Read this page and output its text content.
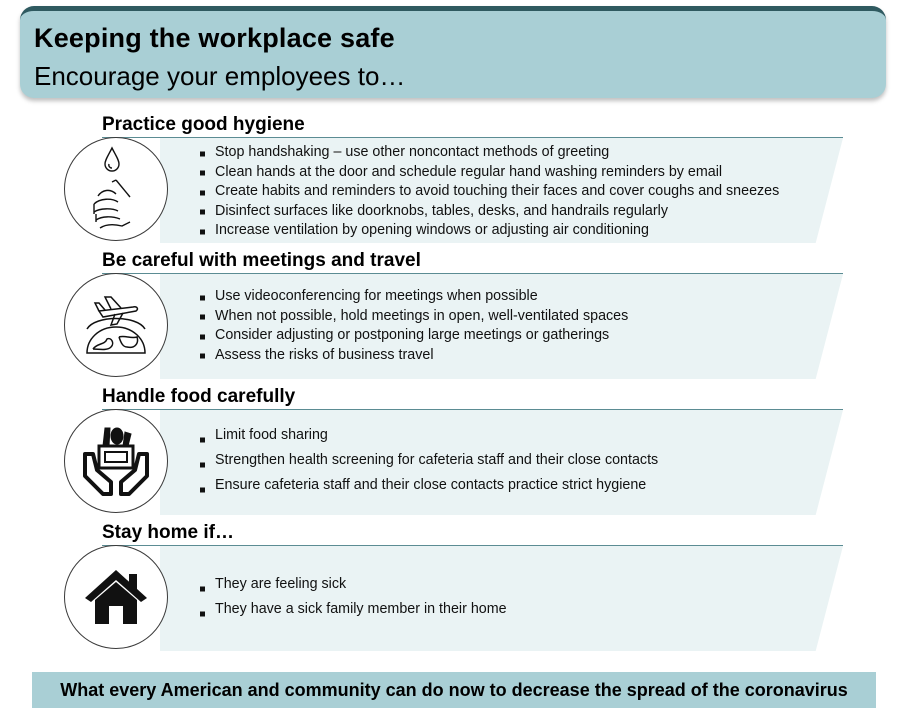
Keeping the workplace safe
Encourage your employees to…
Practice good hygiene
Stop handshaking – use other noncontact methods of greeting
Clean hands at the door and schedule regular hand washing reminders by email
Create habits and reminders to avoid touching their faces and cover coughs and sneezes
Disinfect surfaces like doorknobs, tables, desks, and handrails regularly
Increase ventilation by opening windows or adjusting air conditioning
Be careful with meetings and travel
Use videoconferencing for meetings when possible
When not possible, hold meetings in open, well-ventilated spaces
Consider adjusting or postponing large meetings or gatherings
Assess the risks of business travel
Handle food carefully
Limit food sharing
Strengthen health screening for cafeteria staff and their close contacts
Ensure cafeteria staff and their close contacts practice strict hygiene
Stay home if…
They are feeling sick
They have a sick family member in their home
What every American and community can do now to decrease the spread of the coronavirus
